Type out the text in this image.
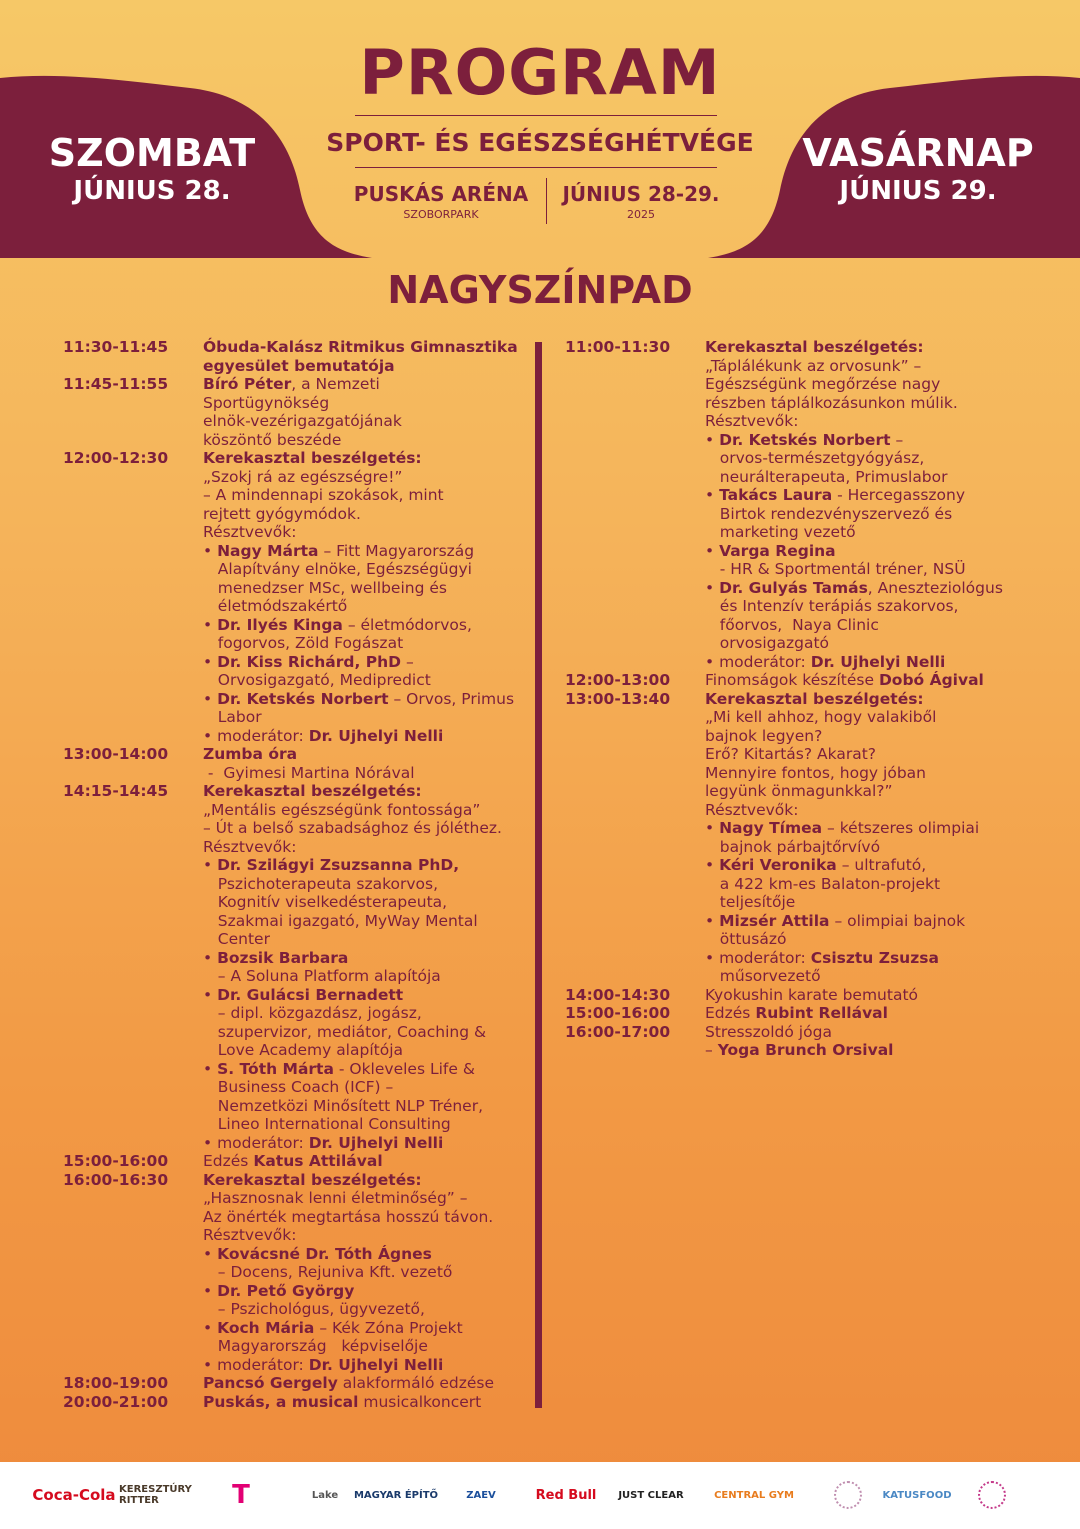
PROGRAM
SPORT- ÉS EGÉSZSÉGHÉTVÉGE
PUSKÁS ARÉNA
SZOBORPARK
JÚNIUS 28-29.
2025
SZOMBAT
JÚNIUS 28.
VASÁRNAP
JÚNIUS 29.
NAGYSZÍNPAD
11:30-11:45	Óbuda-Kalász Ritmikus Gimnasztika
egyesület bemutatója
11:45-11:55	Bíró Péter, a Nemzeti
Sportügynökség
elnök-vezérigazgatójának
köszöntő beszéde
12:00-12:30	Kerekasztal beszélgetés:
„Szokj rá az egészségre!”
– A mindennapi szokások, mint
rejtett gyógymódok.
Résztvevők:
• Nagy Márta – Fitt Magyarország
Alapítvány elnöke, Egészségügyi
menedzser MSc, wellbeing és
életmódszakértő
• Dr. Ilyés Kinga – életmódorvos,
fogorvos, Zöld Fogászat
• Dr. Kiss Richárd, PhD –
Orvosigazgató, Medipredict
• Dr. Ketskés Norbert – Orvos, Primus
Labor
• moderátor: Dr. Ujhelyi Nelli
13:00-14:00	Zumba óra
-  Gyimesi Martina Nórával
14:15-14:45	Kerekasztal beszélgetés:
„Mentális egészségünk fontossága”
– Út a belső szabadsághoz és jóléthez.
Résztvevők:
• Dr. Szilágyi Zsuzsanna PhD,
Pszichoterapeuta szakorvos,
Kognitív viselkedésterapeuta,
Szakmai igazgató, MyWay Mental
Center
• Bozsik Barbara
– A Soluna Platform alapítója
• Dr. Gulácsi Bernadett
– dipl. közgazdász, jogász,
szupervizor, mediátor, Coaching &
Love Academy alapítója
• S. Tóth Márta - Okleveles Life &
Business Coach (ICF) –
Nemzetközi Minősített NLP Tréner,
Lineo International Consulting
• moderátor: Dr. Ujhelyi Nelli
15:00-16:00	Edzés Katus Attilával
16:00-16:30	Kerekasztal beszélgetés:
„Hasznosnak lenni életminőség” –
Az önérték megtartása hosszú távon.
Résztvevők:
• Kovácsné Dr. Tóth Ágnes
– Docens, Rejuniva Kft. vezető
• Dr. Pető György
– Pszichológus, ügyvezető,
• Koch Mária – Kék Zóna Projekt
Magyarország   képviselője
• moderátor: Dr. Ujhelyi Nelli
18:00-19:00	Pancsó Gergely alakformáló edzése
20:00-21:00	Puskás, a musical musicalkoncert
11:00-11:30	Kerekasztal beszélgetés:
„Táplálékunk az orvosunk” –
Egészségünk megőrzése nagy
részben táplálkozásunkon múlik.
Résztvevők:
• Dr. Ketskés Norbert –
orvos-természetgyógyász,
neurálterapeuta, Primuslabor
• Takács Laura - Hercegasszony
Birtok rendezvényszervező és
marketing vezető
• Varga Regina
- HR & Sportmentál tréner, NSÜ
• Dr. Gulyás Tamás, Aneszteziológus
és Intenzív terápiás szakorvos,
főorvos,  Naya Clinic
orvosigazgató
• moderátor: Dr. Ujhelyi Nelli
12:00-13:00	Finomságok készítése Dobó Ágival
13:00-13:40	Kerekasztal beszélgetés:
„Mi kell ahhoz, hogy valakiből
bajnok legyen?
Erő? Kitartás? Akarat?
Mennyire fontos, hogy jóban
legyünk önmagunkkal?”
Résztvevők:
• Nagy Tímea – kétszeres olimpiai
bajnok párbajtőrvívó
• Kéri Veronika – ultrafutó,
a 422 km-es Balaton-projekt
teljesítője
• Mizsér Attila – olimpiai bajnok
öttusázó
• moderátor: Csisztu Zsuzsa
műsorvezető
14:00-14:30	Kyokushin karate bemutató
15:00-16:00	Edzés Rubint Rellával
16:00-17:00	Stresszoldó jóga
– Yoga Brunch Orsival
Coca-Cola KERESZTÚRY RITTER	T	Lake	MAGYAR ÉPÍTŐ	ZAEV	Red Bull	JUST CLEAR	CENTRAL GYM	KATUSFOOD
